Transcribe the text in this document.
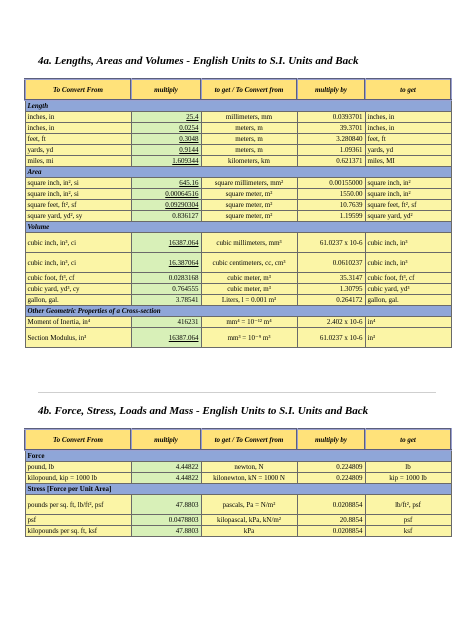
4a. Lengths, Areas and Volumes - English Units to S.I. Units and Back
To Convert From	multiply	to get / To Convert from	multiply by	to get
Length				
inches, in	25.4	millimeters, mm	0.0393701	inches, in
inches, in	0.0254	meters, m	39.3701	inches, in
feet, ft	0.3048	meters, m	3.280840	feet, ft
yards, yd	0.9144	meters, m	1.09361	yards, yd
miles, mi	1.609344	kilometers, km	0.621371	miles, MI
Area				
square inch, in², si	645.16	square millimeters, mm²	0.00155000	square inch, in²
square inch, in², si	0.00064516	square meter, m²	1550.00	square inch, in²
square feet, ft², sf	0.09290304	square meter, m²	10.7639	square feet, ft², sf
square yard, yd², sy	0.836127	square meter, m²	1.19599	square yard, yd²
Volume				
cubic inch, in³, ci	16387.064	cubic millimeters, mm³	61.0237 x 10-6	cubic inch, in³
cubic inch, in³, ci	16.387064	cubic centimeters, cc, cm³	0.0610237	cubic inch, in³
cubic foot, ft³, cf	0.0283168	cubic meter, m³	35.3147	cubic foot, ft³, cf
cubic yard, yd³, cy	0.764555	cubic meter, m³	1.30795	cubic yard, yd³
gallon, gal.	3.78541	Liters, l = 0.001 m³	0.264172	gallon, gal.
Other Geometric Properties of a Cross-section				
Moment of Inertia, in⁴	416231	mm⁴ = 10⁻¹² m⁴	2.402 x 10-6	in⁴
Section Modulus, in³	16387.064	mm³ = 10⁻⁹ m³	61.0237 x 10-6	in³
4b. Force, Stress, Loads and Mass - English Units to S.I. Units and Back
To Convert From	multiply	to get / To Convert from	multiply by	to get
Force				
pound, lb	4.44822	newton, N	0.224809	lb
kilopound, kip = 1000 lb	4.44822	kilonewton, kN = 1000 N	0.224809	kip = 1000 lb
Stress [Force per Unit Area]				
pounds per sq. ft, lb/ft², psf	47.8803	pascals, Pa = N/m²	0.0208854	lb/ft², psf
psf	0.0478803	kilopascal, kPa, kN/m²	20.8854	psf
kilopounds per sq. ft, ksf	47.8803	kPa	0.0208854	ksf
